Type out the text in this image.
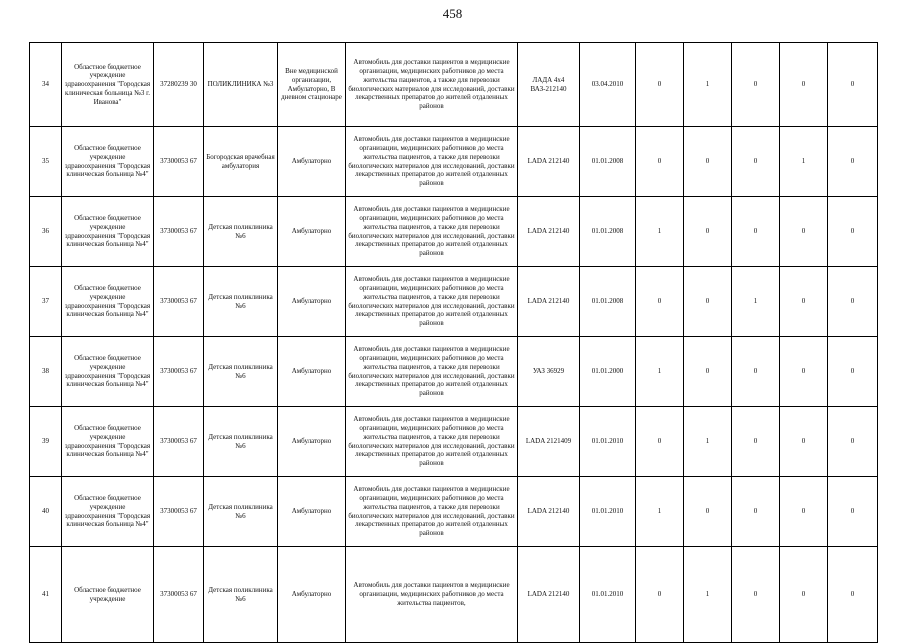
458
34	Областное бюджетное учреждение здравоохранения "Городская клиническая больница №3 г. Иванова"	37280239 30	ПОЛИКЛИНИКА №3	Вне медицинской организации, Амбулаторно, В дневном стационаре	Автомобиль для доставки пациентов в медицинские организации, медицинских работников до места жительства пациентов, а также для перевозки биологических материалов для исследований, доставки лекарственных препаратов до жителей отдаленных районов	ЛАДА 4х4 ВАЗ-212140	03.04.2010	0	1	0	0	0
35	Областное бюджетное учреждение здравоохранения "Городская клиническая больница №4"	37300053 67	Богородская врачебная амбулатория	Амбулаторно	Автомобиль для доставки пациентов в медицинские организации, медицинских работников до места жительства пациентов, а также для перевозки биологических материалов для исследований, доставки лекарственных препаратов до жителей отдаленных районов	LADA 212140	01.01.2008	0	0	0	1	0
36	Областное бюджетное учреждение здравоохранения "Городская клиническая больница №4"	37300053 67	Детская поликлиника №6	Амбулаторно	Автомобиль для доставки пациентов в медицинские организации, медицинских работников до места жительства пациентов, а также для перевозки биологических материалов для исследований, доставки лекарственных препаратов до жителей отдаленных районов	LADA 212140	01.01.2008	1	0	0	0	0
37	Областное бюджетное учреждение здравоохранения "Городская клиническая больница №4"	37300053 67	Детская поликлиника №6	Амбулаторно	Автомобиль для доставки пациентов в медицинские организации, медицинских работников до места жительства пациентов, а также для перевозки биологических материалов для исследований, доставки лекарственных препаратов до жителей отдаленных районов	LADA 212140	01.01.2008	0	0	1	0	0
38	Областное бюджетное учреждение здравоохранения "Городская клиническая больница №4"	37300053 67	Детская поликлиника №6	Амбулаторно	Автомобиль для доставки пациентов в медицинские организации, медицинских работников до места жительства пациентов, а также для перевозки биологических материалов для исследований, доставки лекарственных препаратов до жителей отдаленных районов	УАЗ 36929	01.01.2000	1	0	0	0	0
39	Областное бюджетное учреждение здравоохранения "Городская клиническая больница №4"	37300053 67	Детская поликлиника №6	Амбулаторно	Автомобиль для доставки пациентов в медицинские организации, медицинских работников до места жительства пациентов, а также для перевозки биологических материалов для исследований, доставки лекарственных препаратов до жителей отдаленных районов	LADA 2121409	01.01.2010	0	1	0	0	0
40	Областное бюджетное учреждение здравоохранения "Городская клиническая больница №4"	37300053 67	Детская поликлиника №6	Амбулаторно	Автомобиль для доставки пациентов в медицинские организации, медицинских работников до места жительства пациентов, а также для перевозки биологических материалов для исследований, доставки лекарственных препаратов до жителей отдаленных районов	LADA 212140	01.01.2010	1	0	0	0	0
41	Областное бюджетное учреждение	37300053 67	Детская поликлиника №6	Амбулаторно	Автомобиль для доставки пациентов в медицинские организации, медицинских работников до места жительства пациентов,	LADA 212140	01.01.2010	0	1	0	0	0
